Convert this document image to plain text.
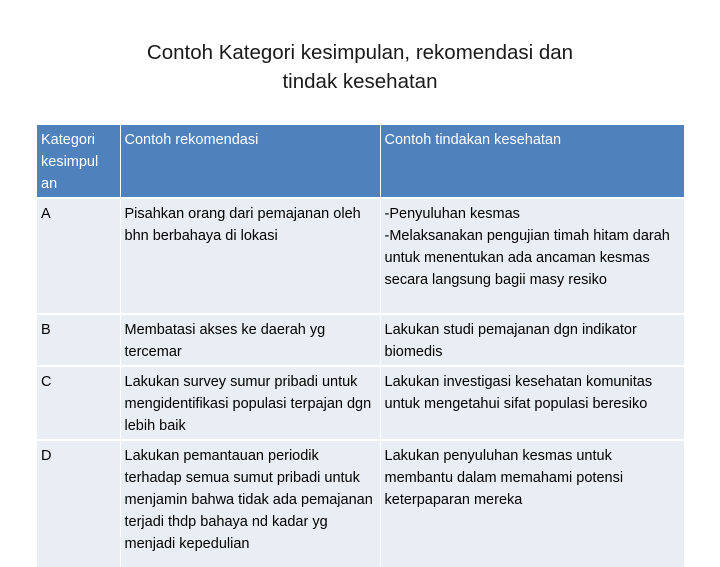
Contoh Kategori kesimpulan, rekomendasi dan
tindak kesehatan
Kategori kesimpul an	Contoh rekomendasi	Contoh tindakan kesehatan
A	Pisahkan orang dari pemajanan oleh bhn berbahaya di lokasi	-Penyuluhan kesmas
-Melaksanakan pengujian timah hitam darah untuk menentukan ada ancaman kesmas secara langsung bagii masy resiko

B	Membatasi akses ke daerah yg tercemar	Lakukan studi pemajanan dgn indikator biomedis

C	Lakukan survey sumur pribadi untuk mengidentifikasi populasi terpajan dgn lebih baik	Lakukan investigasi kesehatan komunitas untuk mengetahui sifat populasi beresiko

D	Lakukan pemantauan periodik terhadap semua sumut pribadi untuk menjamin bahwa tidak ada pemajanan terjadi thdp bahaya nd kadar yg menjadi kepedulian	Lakukan penyuluhan kesmas untuk membantu dalam memahami potensi keterpaparan mereka
